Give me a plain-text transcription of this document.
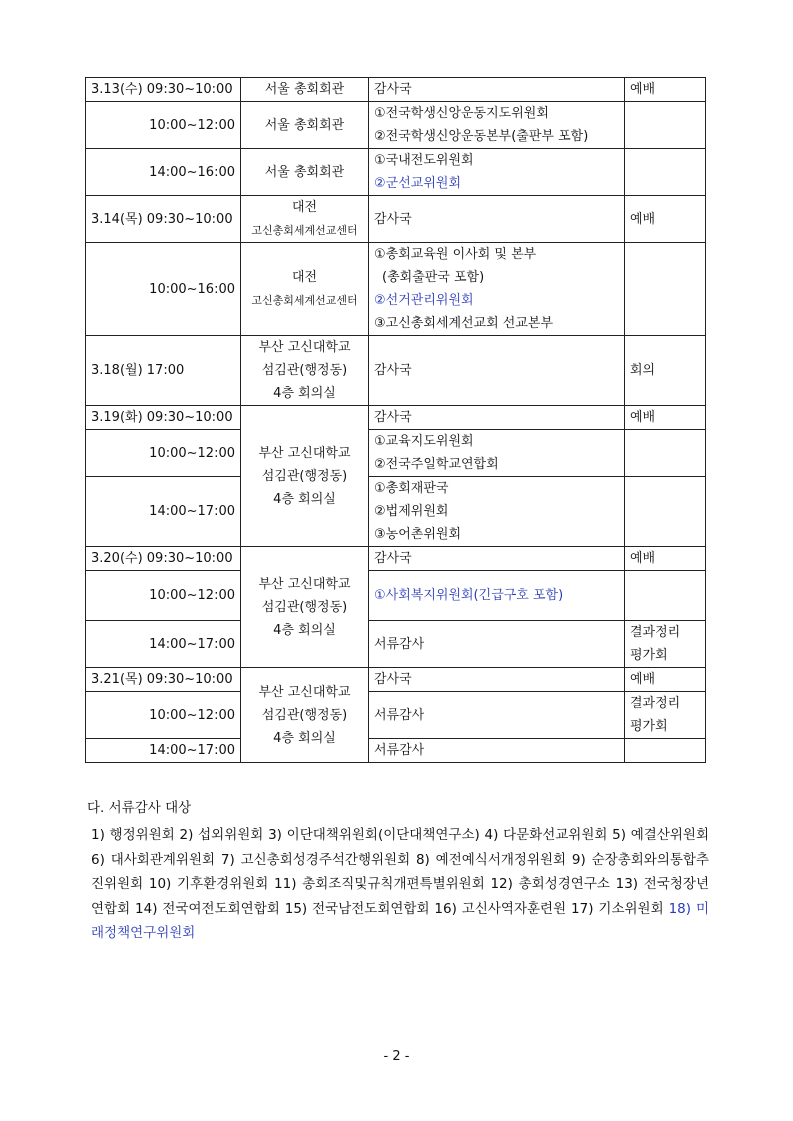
3.13(수) 09:30~10:00	서울 총회회관	감사국	예배
10:00~12:00	서울 총회회관	①전국학생신앙운동지도위원회
②전국학생신앙운동본부(출판부 포함)	

14:00~16:00	서울 총회회관	①국내전도위원회
②군선교위원회	

3.14(목) 09:30~10:00	대전
고신총회세계선교센터	감사국	예배
10:00~16:00	대전
고신총회세계선교센터	①총회교육원 이사회 및 본부
(총회출판국 포함)
②선거관리위원회
③고신총회세계선교회 선교본부	

3.18(월) 17:00	부산 고신대학교
섬김관(행정동)
4층 회의실	감사국	회의
3.19(화) 09:30~10:00	부산 고신대학교
섬김관(행정동)
4층 회의실	감사국	예배
10:00~12:00		①교육지도위원회
②전국주일학교연합회	

14:00~17:00		①총회재판국
②법제위원회
③농어촌위원회	

3.20(수) 09:30~10:00	부산 고신대학교
섬김관(행정동)
4층 회의실	감사국	예배
10:00~12:00		①사회복지위원회(긴급구호 포함)	
14:00~17:00		서류감사	결과정리
평가회

3.21(목) 09:30~10:00	부산 고신대학교
섬김관(행정동)
4층 회의실	감사국	예배
10:00~12:00		서류감사	결과정리
평가회

14:00~17:00		서류감사	
다. 서류감사 대상
1) 행정위원회 2) 섭외위원회 3) 이단대책위원회(이단대책연구소) 4) 다문화선교위원회 5) 예결산위원회 6) 대사회관계위원회 7) 고신총회성경주석간행위원회 8) 예전예식서개정위원회 9) 순장총회와의통합추진위원회 10) 기후환경위원회 11) 총회조직및규칙개편특별위원회 12) 총회성경연구소 13) 전국청장년연합회 14) 전국여전도회연합회 15) 전국남전도회연합회 16) 고신사역자훈련원 17) 기소위원회 18) 미래정책연구위원회
- 2 -
